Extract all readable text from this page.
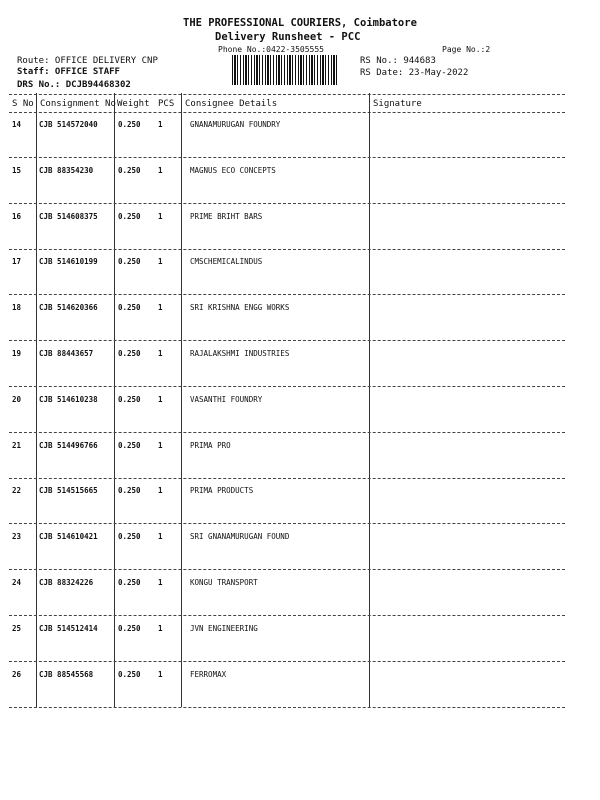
THE PROFESSIONAL COURIERS, Coimbatore
Delivery Runsheet - PCC
Phone No.:0422-3505555	Page No.:2
RS No.: 944683
RS Date: 23-May-2022
Route: OFFICE DELIVERY CNP
Staff: OFFICE STAFF
DRS No.: DCJB94468302
S No Consignment No Weight PCS Consignee Details	Signature
14 CJB 514572040	0.250 1	GNANAMURUGAN FOUNDRY
15 CJB 88354230	0.250 1	MAGNUS ECO CONCEPTS
16 CJB 514608375	0.250 1	PRIME BRIHT BARS
17 CJB 514610199	0.250 1	CMSCHEMICALINDUS
18 CJB 514620366	0.250 1	SRI KRISHNA ENGG WORKS
19 CJB 88443657	0.250 1	RAJALAKSHMI INDUSTRIES
20 CJB 514610238	0.250 1	VASANTHI FOUNDRY
21 CJB 514496766	0.250 1	PRIMA PRO
22 CJB 514515665	0.250 1	PRIMA PRODUCTS
23 CJB 514610421	0.250 1	SRI GNANAMURUGAN FOUND
24 CJB 88324226	0.250 1	KONGU TRANSPORT
25 CJB 514512414	0.250 1	JVN ENGINEERING
26 CJB 88545568	0.250 1	FERROMAX
